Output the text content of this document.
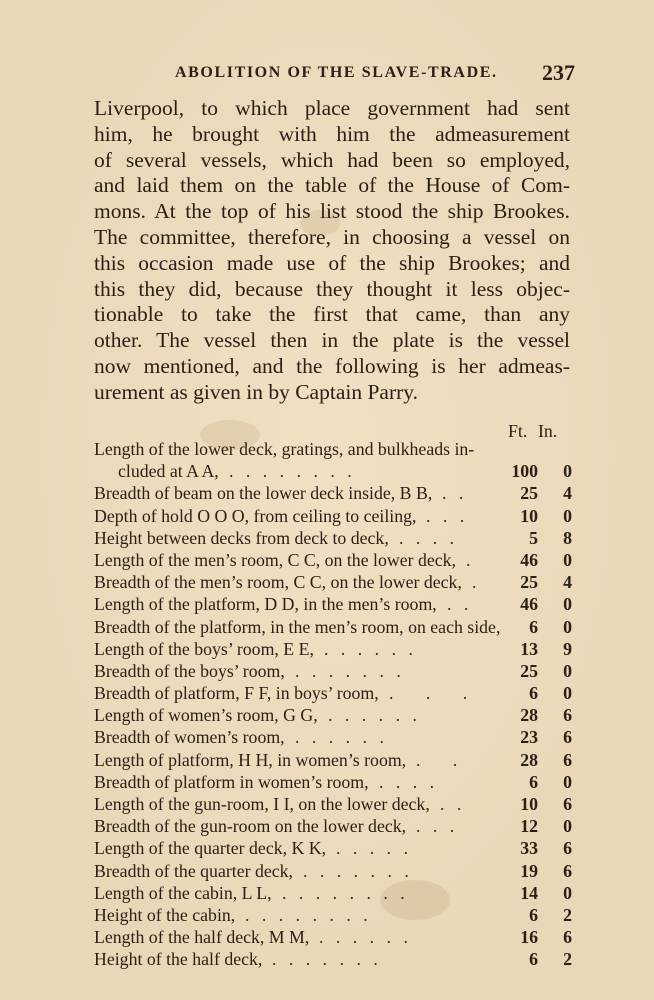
ABOLITION OF THE SLAVE-TRADE. 237
Liverpool, to which place government had sent
him, he brought with him the admeasurement
of several vessels, which had been so employed,
and laid them on the table of the House of Com-
mons. At the top of his list stood the ship Brookes.
The committee, therefore, in choosing a vessel on
this occasion made use of the ship Brookes; and
this they did, because they thought it less objec-
tionable to take the first that came, than any
other. The vessel then in the plate is the vessel
now mentioned, and the following is her admeas-
urement as given in by Captain Parry.
Ft. In.
Length of the lower deck, gratings, and bulkheads in-
cluded at A A, . . . . . . . .	100	0
Breadth of beam on the lower deck inside, B B, . .	25	4
Depth of hold O O O, from ceiling to ceiling, . . .	10	0
Height between decks from deck to deck, . . . .	5	8
Length of the men’s room, C C, on the lower deck, .	46	0
Breadth of the men’s room, C C, on the lower deck, .	25	4
Length of the platform, D D, in the men’s room, . .	46	0
Breadth of the platform, in the men’s room, on each side,	6	0
Length of the boys’ room, E E, . . . . . .	13	9
Breadth of the boys’ room, . . . . . . .	25	0
Breadth of platform, F F, in boys’ room, . . .	6	0
Length of women’s room, G G, . . . . . .	28	6
Breadth of women’s room, . . . . . .	23	6
Length of platform, H H, in women’s room, . .	28	6
Breadth of platform in women’s room, . . . .	6	0
Length of the gun-room, I I, on the lower deck, . .	10	6
Breadth of the gun-room on the lower deck, . . .	12	0
Length of the quarter deck, K K, . . . . .	33	6
Breadth of the quarter deck, . . . . . . .	19	6
Length of the cabin, L L, . . . . . . . .	14	0
Height of the cabin, . . . . . . . .	6	2
Length of the half deck, M M, . . . . . .	16	6
Height of the half deck, . . . . . . .	6	2
